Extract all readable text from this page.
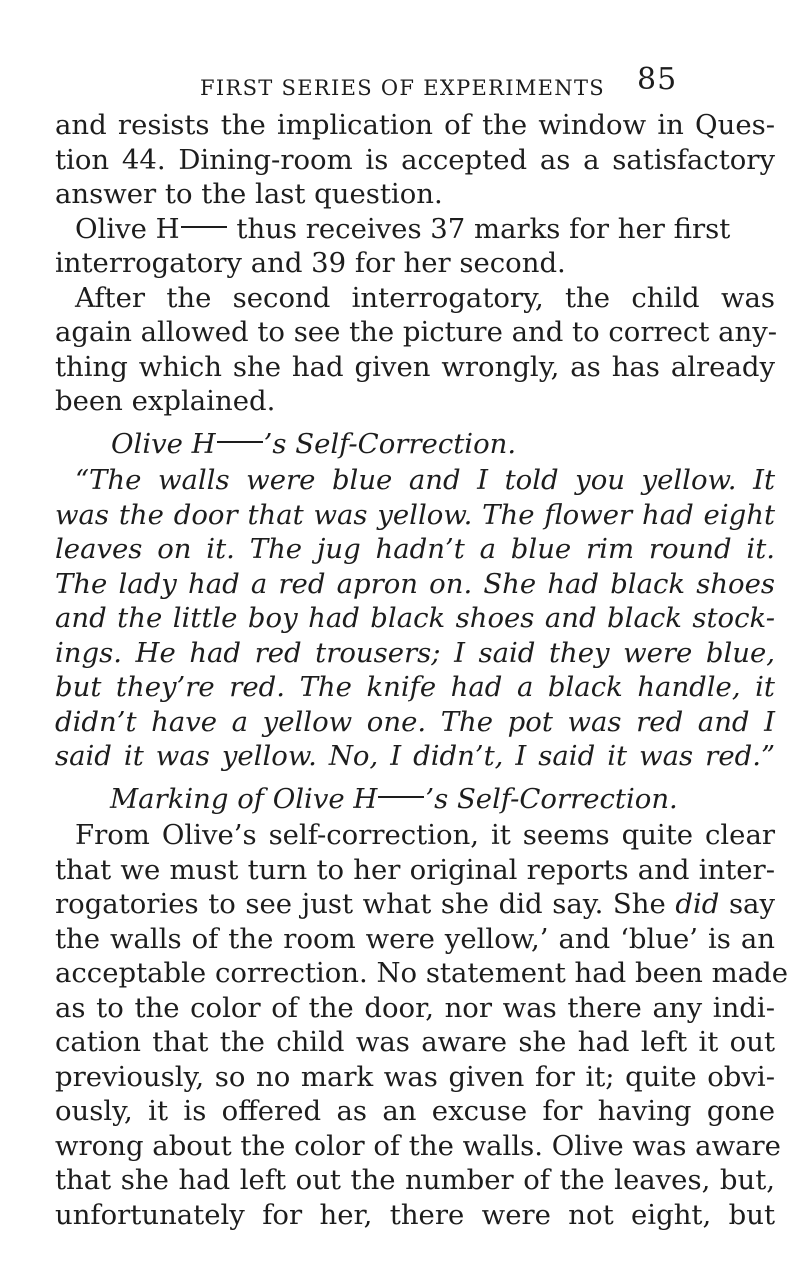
FIRST SERIES OF EXPERIMENTS 85
and resists the implication of the window in Ques-
tion 44. Dining-room is accepted as a satisfactory
answer to the last question.
Olive H thus receives 37 marks for her first
interrogatory and 39 for her second.
After the second interrogatory, the child was
again allowed to see the picture and to correct any-
thing which she had given wrongly, as has already
been explained.
Olive H ’s Self-Correction.
“The walls were blue and I told you yellow. It
was the door that was yellow. The flower had eight
leaves on it. The jug hadn’t a blue rim round it.
The lady had a red apron on. She had black shoes
and the little boy had black shoes and black stock-
ings. He had red trousers; I said they were blue,
but they’re red. The knife had a black handle, it
didn’t have a yellow one. The pot was red and I
said it was yellow. No, I didn’t, I said it was red.”
Marking of Olive H ’s Self-Correction.
From Olive’s self-correction, it seems quite clear
that we must turn to her original reports and inter-
rogatories to see just what she did say. She did say
the walls of the room were yellow,’ and ‘blue’ is an
acceptable correction. No statement had been made
as to the color of the door, nor was there any indi-
cation that the child was aware she had left it out
previously, so no mark was given for it; quite obvi-
ously, it is offered as an excuse for having gone
wrong about the color of the walls. Olive was aware
that she had left out the number of the leaves, but,
unfortunately for her, there were not eight, but
